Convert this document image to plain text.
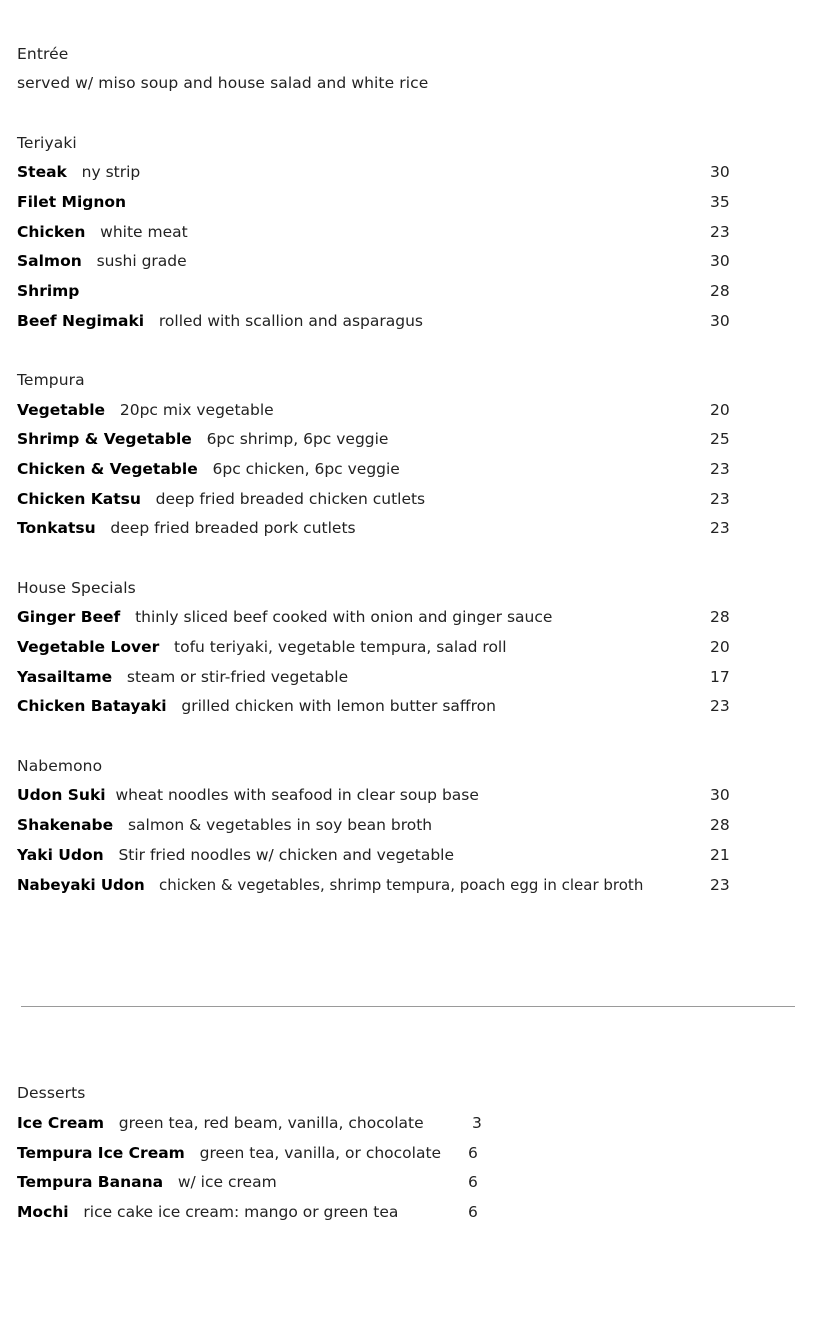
Entrée
served w/ miso soup and house salad and white rice
Teriyaki
Steak ny strip	30
Filet Mignon	35
Chicken white meat	23
Salmon sushi grade	30
Shrimp	28
Beef Negimaki rolled with scallion and asparagus	30
Tempura
Vegetable 20pc mix vegetable	20
Shrimp & Vegetable 6pc shrimp, 6pc veggie	25
Chicken & Vegetable 6pc chicken, 6pc veggie	23
Chicken Katsu deep fried breaded chicken cutlets	23
Tonkatsu deep fried breaded pork cutlets	23
House Specials
Ginger Beef thinly sliced beef cooked with onion and ginger sauce	28
Vegetable Lover tofu teriyaki, vegetable tempura, salad roll	20
Yasailtame steam or stir-fried vegetable	17
Chicken Batayaki grilled chicken with lemon butter saffron	23
Nabemono
Udon Suki wheat noodles with seafood in clear soup base	30
Shakenabe salmon & vegetables in soy bean broth	28
Yaki Udon Stir fried noodles w/ chicken and vegetable	21
Nabeyaki Udon chicken & vegetables, shrimp tempura, poach egg in clear broth	23
Desserts
Ice Cream green tea, red beam, vanilla, chocolate	3
Tempura Ice Cream green tea, vanilla, or chocolate 6
Tempura Banana w/ ice cream	6
Mochi rice cake ice cream: mango or green tea	6
